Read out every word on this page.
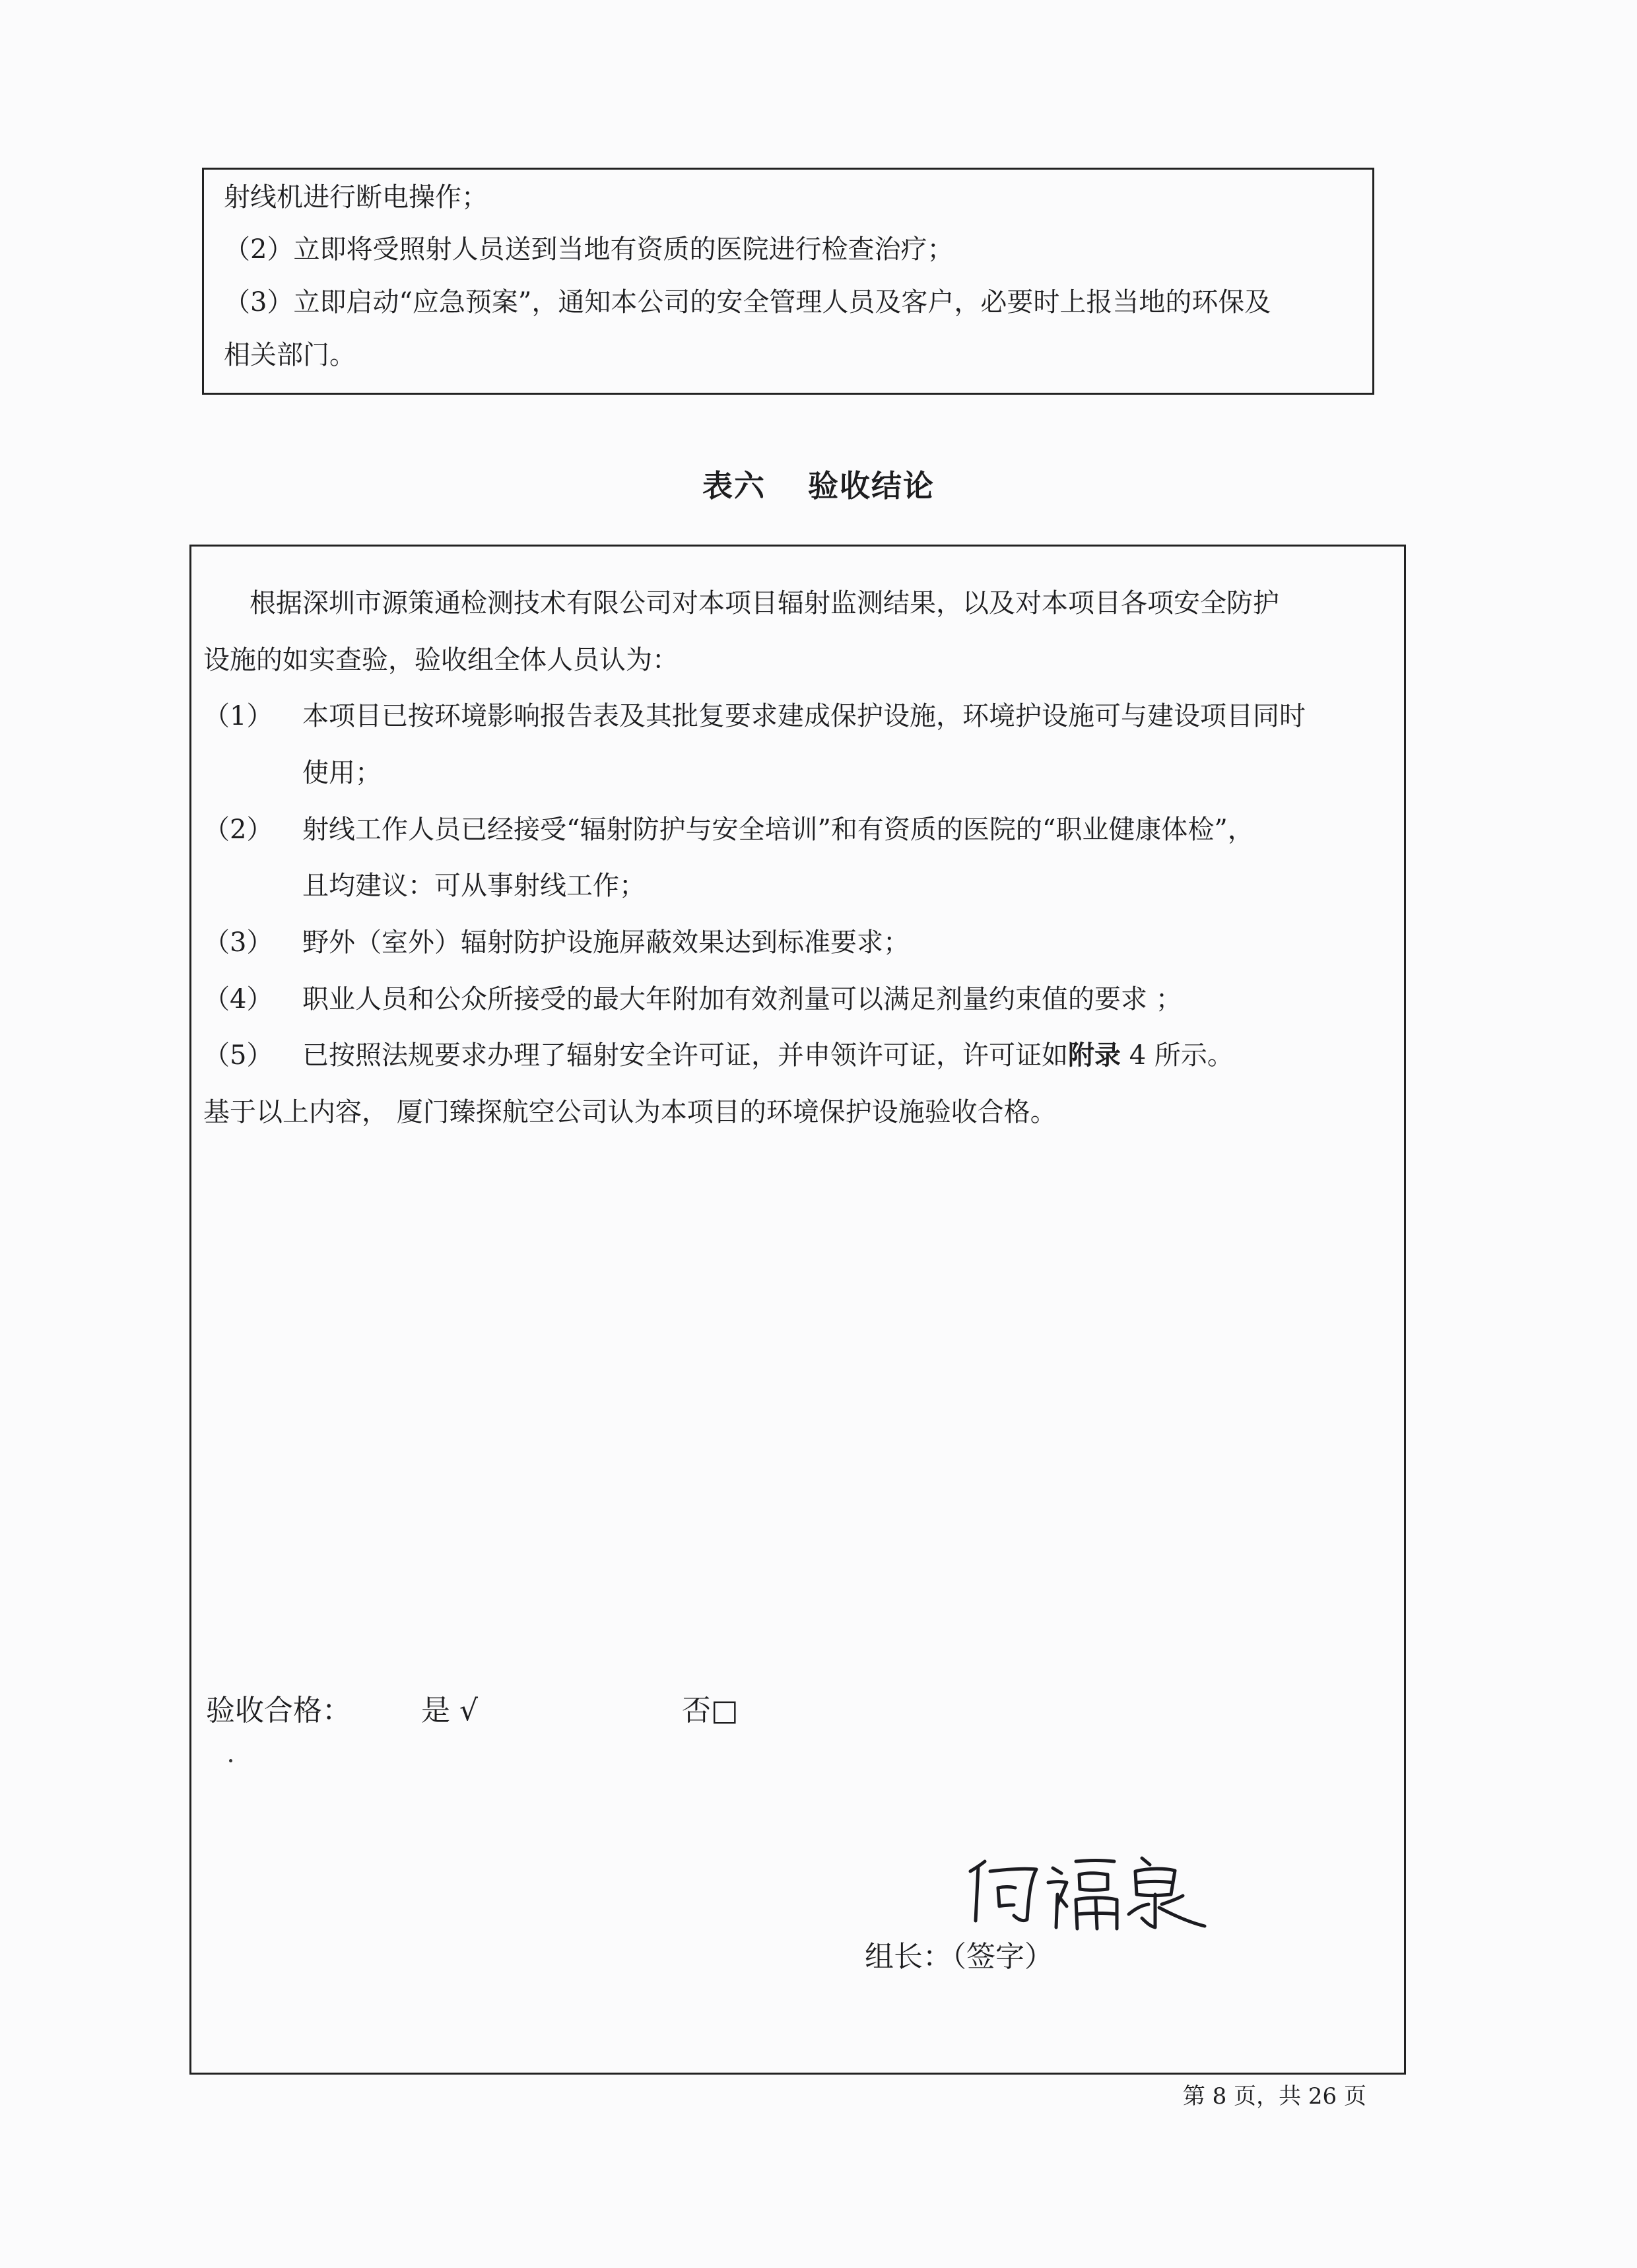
射线机进行断电操作；
（2）立即将受照射人员送到当地有资质的医院进行检查治疗；
（3）立即启动“应急预案”，通知本公司的安全管理人员及客户，必要时上报当地的环保及
相关部门。
表六 验收结论
根据深圳市源策通检测技术有限公司对本项目辐射监测结果，以及对本项目各项安全防护
设施的如实查验，验收组全体人员认为：
（1） 本项目已按环境影响报告表及其批复要求建成保护设施，环境护设施可与建设项目同时
使用；
（2） 射线工作人员已经接受“辐射防护与安全培训”和有资质的医院的“职业健康体检”，
且均建议：可从事射线工作；
（3） 野外（室外）辐射防护设施屏蔽效果达到标准要求；
（4） 职业人员和公众所接受的最大年附加有效剂量可以满足剂量约束值的要求 ；
（5） 已按照法规要求办理了辐射安全许可证，并申领许可证，许可证如附录 4 所示。
基于以上内容， 厦门臻探航空公司认为本项目的环境保护设施验收合格。
验收合格： 是 √	否□
组长：（签字）
第 8 页，共 26 页
